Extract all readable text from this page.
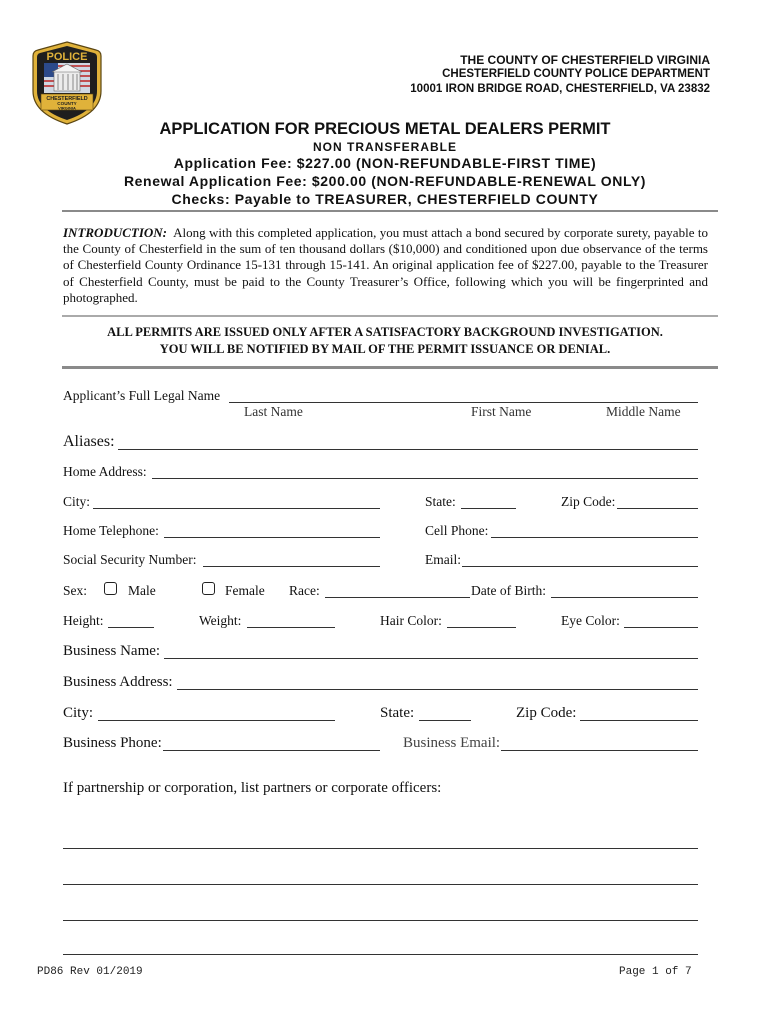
POLICE
CHESTERFIELD
COUNTY
VIRGINIA
THE COUNTY OF CHESTERFIELD VIRGINIA
CHESTERFIELD COUNTY POLICE DEPARTMENT
10001 IRON BRIDGE ROAD, CHESTERFIELD, VA 23832
APPLICATION FOR PRECIOUS METAL DEALERS PERMIT
NON TRANSFERABLE
Application Fee: $227.00 (NON-REFUNDABLE-FIRST TIME)
Renewal Application Fee: $200.00 (NON-REFUNDABLE-RENEWAL ONLY)
Checks: Payable to TREASURER, CHESTERFIELD COUNTY
INTRODUCTION: Along with this completed application, you must attach a bond secured by corporate surety, payable to the County of Chesterfield in the sum of ten thousand dollars ($10,000) and conditioned upon due observance of the terms of Chesterfield County Ordinance 15-131 through 15-141. An original application fee of $227.00, payable to the Treasurer of Chesterfield County, must be paid to the County Treasurer’s Office, following which you will be fingerprinted and photographed.
ALL PERMITS ARE ISSUED ONLY AFTER A SATISFACTORY BACKGROUND INVESTIGATION.
YOU WILL BE NOTIFIED BY MAIL OF THE PERMIT ISSUANCE OR DENIAL.
Applicant’s Full Legal Name
Last Name	First Name	Middle Name
Aliases:
Home Address:
City:	State:	Zip Code:
Home Telephone:	Cell Phone:
Social Security Number:	Email:
Sex:	Male	Female Race:	Date of Birth:
Height:	Weight:	Hair Color:	Eye Color:
Business Name:
Business Address:
City:	State:	Zip Code:
Business Phone:	Business Email:
If partnership or corporation, list partners or corporate officers:
PD86 Rev 01/2019	Page 1 of 7
